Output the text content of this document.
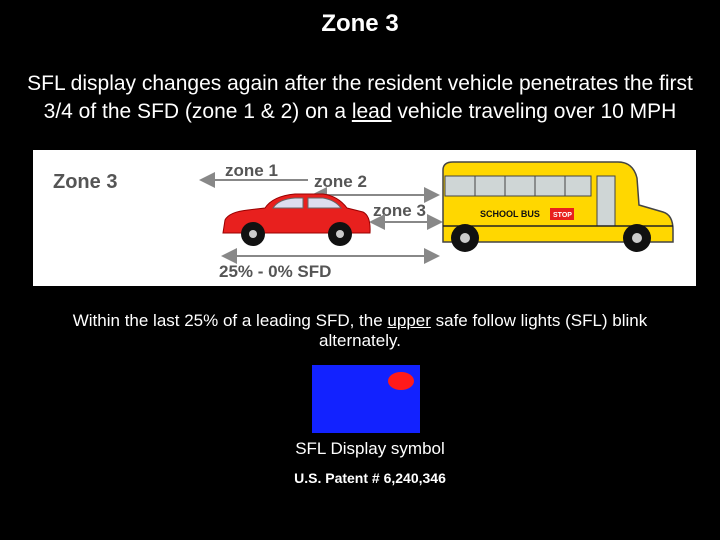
Zone 3
SFL display changes again after the resident vehicle penetrates the first 3/4 of the SFD (zone 1 & 2) on a lead vehicle traveling over 10 MPH
Zone 3
zone 1
zone 2
zone 3
25% - 0% SFD
SCHOOL BUS STOP
Within the last 25% of a leading SFD, the upper safe follow lights (SFL) blink alternately.
SFL Display symbol
U.S. Patent # 6,240,346
